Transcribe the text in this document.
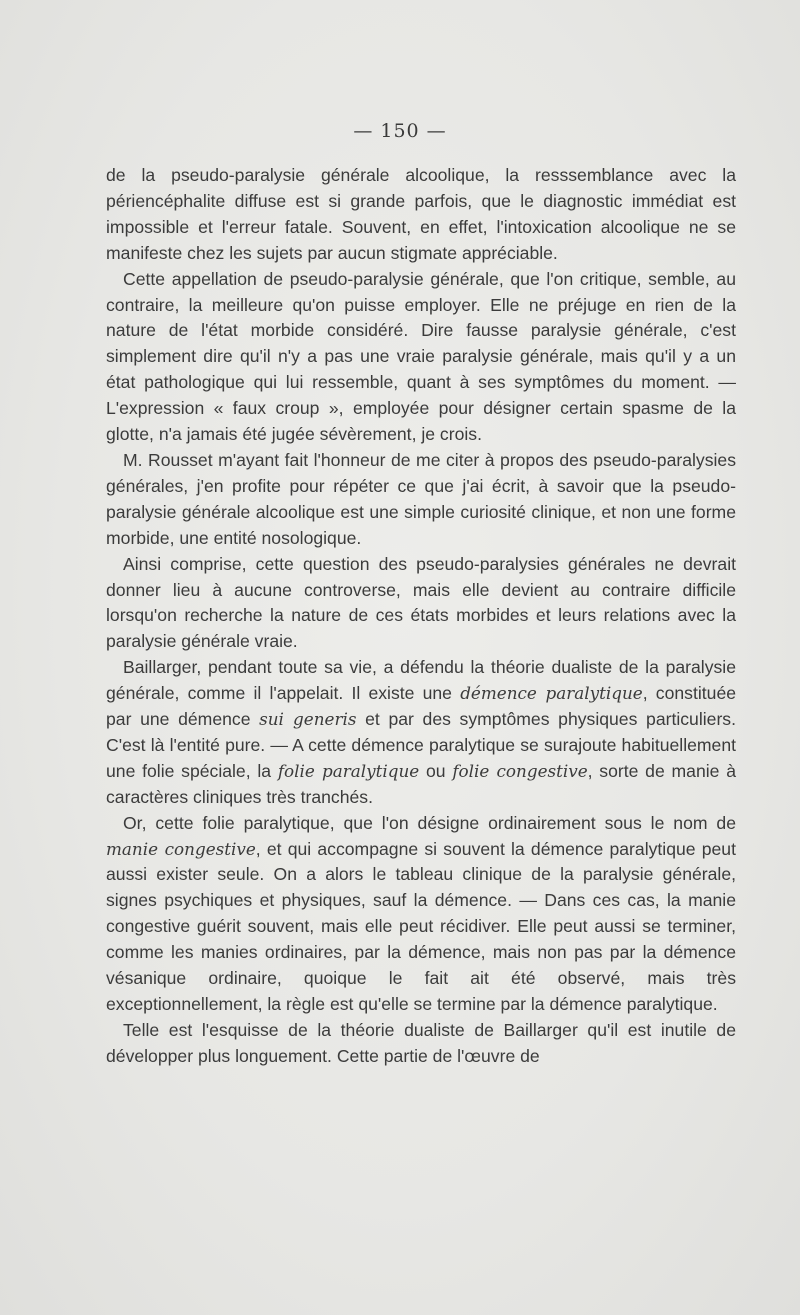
— 150 —

de la pseudo-paralysie générale alcoolique, la resssemblance avec la périencéphalite diffuse est si grande parfois, que le diagnostic immédiat est impossible et l'erreur fatale. Souvent, en effet, l'intoxication alcoolique ne se manifeste chez les sujets par aucun stigmate appréciable.

Cette appellation de pseudo-paralysie générale, que l'on critique, semble, au contraire, la meilleure qu'on puisse employer. Elle ne préjuge en rien de la nature de l'état morbide considéré. Dire fausse paralysie générale, c'est simplement dire qu'il n'y a pas une vraie paralysie générale, mais qu'il y a un état pathologique qui lui ressemble, quant à ses symptômes du moment. — L'expression « faux croup », employée pour désigner certain spasme de la glotte, n'a jamais été jugée sévèrement, je crois.

M. Rousset m'ayant fait l'honneur de me citer à propos des pseudo-paralysies générales, j'en profite pour répéter ce que j'ai écrit, à savoir que la pseudo-paralysie générale alcoolique est une simple curiosité clinique, et non une forme morbide, une entité nosologique.

Ainsi comprise, cette question des pseudo-paralysies générales ne devrait donner lieu à aucune controverse, mais elle devient au contraire difficile lorsqu'on recherche la nature de ces états morbides et leurs relations avec la paralysie générale vraie.

Baillarger, pendant toute sa vie, a défendu la théorie dualiste de la paralysie générale, comme il l'appelait. Il existe une démence paralytique, constituée par une démence sui generis et par des symptômes physiques particuliers. C'est là l'entité pure. — A cette démence paralytique se surajoute habituellement une folie spéciale, la folie paralytique ou folie congestive, sorte de manie à caractères cliniques très tranchés.

Or, cette folie paralytique, que l'on désigne ordinairement sous le nom de manie congestive, et qui accompagne si souvent la démence paralytique peut aussi exister seule. On a alors le tableau clinique de la paralysie générale, signes psychiques et physiques, sauf la démence. — Dans ces cas, la manie congestive guérit souvent, mais elle peut récidiver. Elle peut aussi se terminer, comme les manies ordinaires, par la démence, mais non pas par la démence vésanique ordinaire, quoique le fait ait été observé, mais très exceptionnellement, la règle est qu'elle se termine par la démence paralytique.

Telle est l'esquisse de la théorie dualiste de Baillarger qu'il est inutile de développer plus longuement. Cette partie de l'œuvre de
